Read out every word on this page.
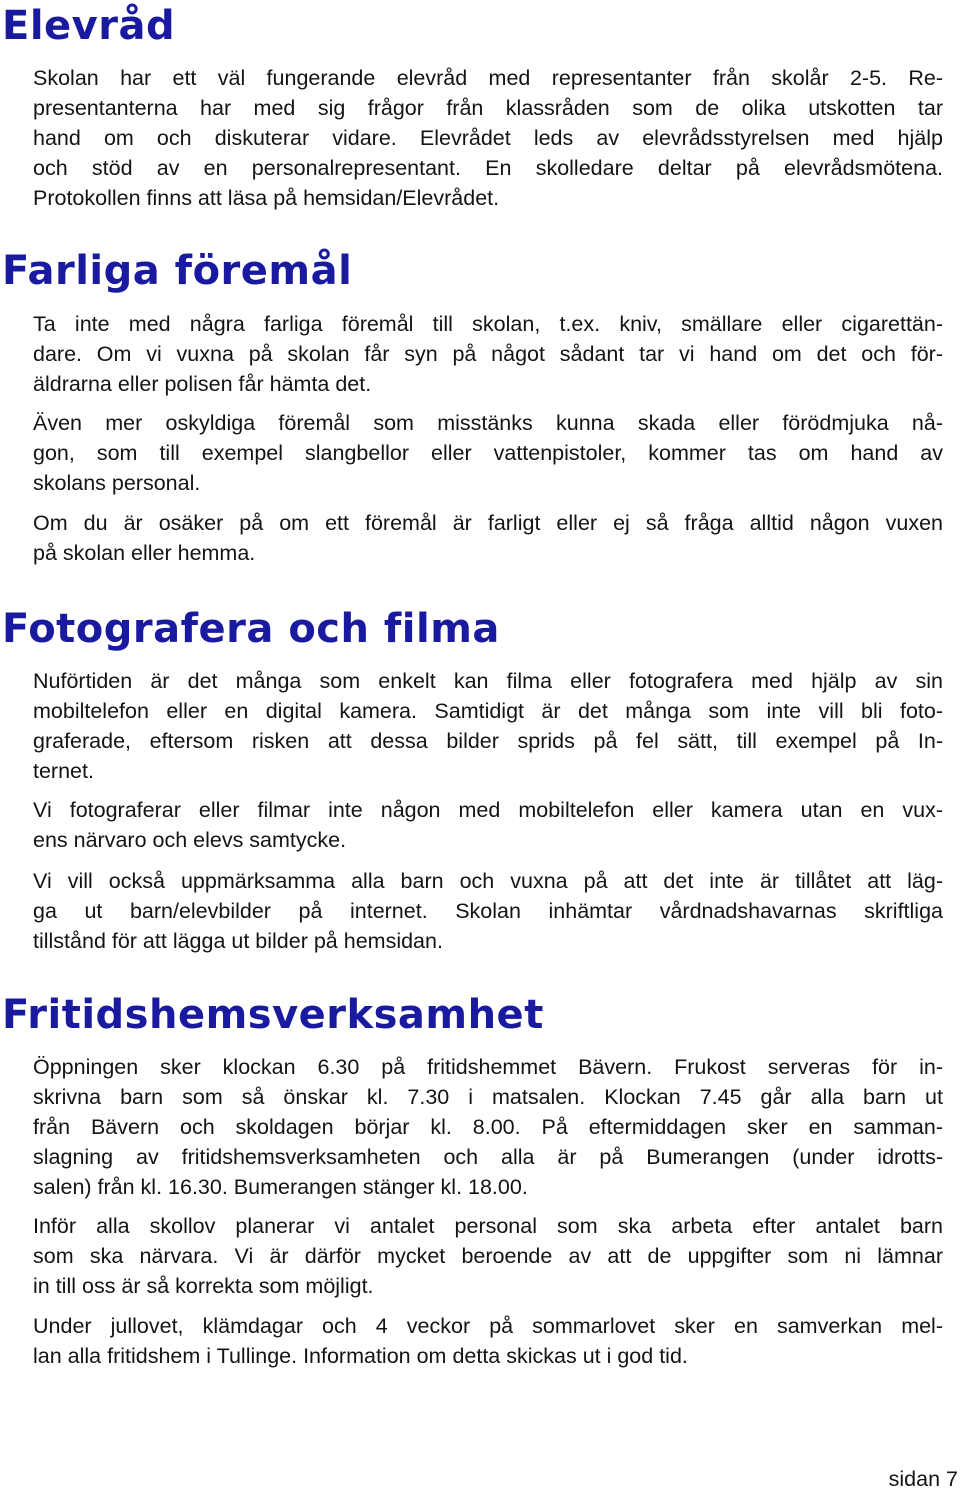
Elevråd
Skolan har ett väl fungerande elevråd med representanter från skolår 2-5. Re-
presentanterna har med sig frågor från klassråden som de olika utskotten tar
hand om och diskuterar vidare. Elevrådet leds av elevrådsstyrelsen med hjälp
och stöd av en personalrepresentant. En skolledare deltar på elevrådsmötena.
Protokollen finns att läsa på hemsidan/Elevrådet.
Farliga föremål
Ta inte med några farliga föremål till skolan, t.ex. kniv, smällare eller cigarettän-
dare. Om vi vuxna på skolan får syn på något sådant tar vi hand om det och för-
äldrarna eller polisen får hämta det.
Även mer oskyldiga föremål som misstänks kunna skada eller förödmjuka nå-
gon, som till exempel slangbellor eller vattenpistoler, kommer tas om hand av
skolans personal.
Om du är osäker på om ett föremål är farligt eller ej så fråga alltid någon vuxen
på skolan eller hemma.
Fotografera och filma
Nuförtiden är det många som enkelt kan filma eller fotografera med hjälp av sin
mobiltelefon eller en digital kamera. Samtidigt är det många som inte vill bli foto-
graferade, eftersom risken att dessa bilder sprids på fel sätt, till exempel på In-
ternet.
Vi fotograferar eller filmar inte någon med mobiltelefon eller kamera utan en vux-
ens närvaro och elevs samtycke.
Vi vill också uppmärksamma alla barn och vuxna på att det inte är tillåtet att läg-
ga ut barn/elevbilder på internet. Skolan inhämtar vårdnadshavarnas skriftliga
tillstånd för att lägga ut bilder på hemsidan.
Fritidshemsverksamhet
Öppningen sker klockan 6.30 på fritidshemmet Bävern. Frukost serveras för in-
skrivna barn som så önskar kl. 7.30 i matsalen. Klockan 7.45 går alla barn ut
från Bävern och skoldagen börjar kl. 8.00. På eftermiddagen sker en samman-
slagning av fritidshemsverksamheten och alla är på Bumerangen (under idrotts-
salen) från kl. 16.30. Bumerangen stänger kl. 18.00.
Inför alla skollov planerar vi antalet personal som ska arbeta efter antalet barn
som ska närvara. Vi är därför mycket beroende av att de uppgifter som ni lämnar
in till oss är så korrekta som möjligt.
Under jullovet, klämdagar och 4 veckor på sommarlovet sker en samverkan mel-
lan alla fritidshem i Tullinge. Information om detta skickas ut i god tid.
sidan 7
